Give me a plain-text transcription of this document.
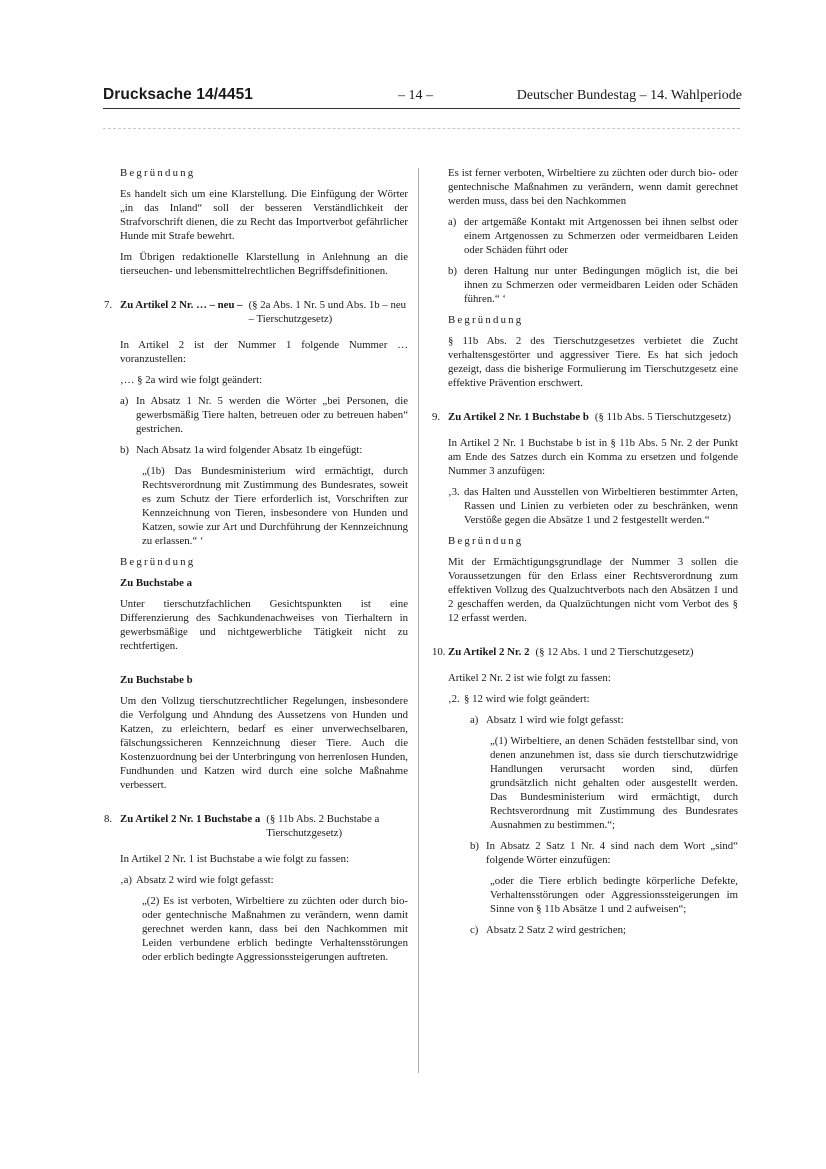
Drucksache 14/4451	– 14 –	Deutscher Bundestag – 14. Wahlperiode

Begründung

Es handelt sich um eine Klarstellung. Die Einfügung der Wörter „in das Inland“ soll der besseren Verständlichkeit der Strafvorschrift dienen, die zu Recht das Importverbot gefährlicher Hunde mit Strafe bewehrt.

Im Übrigen redaktionelle Klarstellung in Anlehnung an die tierseuchen- und lebensmittelrechtlichen Begriffsdefinitionen.

7. Zu Artikel 2 Nr. … – neu – (§ 2a Abs. 1 Nr. 5 und Abs. 1b – neu – Tierschutzgesetz)

In Artikel 2 ist der Nummer 1 folgende Nummer … voranzustellen:

‚… § 2a wird wie folgt geändert:

a) In Absatz 1 Nr. 5 werden die Wörter „bei Personen, die gewerbsmäßig Tiere halten, betreuen oder zu betreuen haben“ gestrichen.
b) Nach Absatz 1a wird folgender Absatz 1b eingefügt:

„(1b) Das Bundesministerium wird ermächtigt, durch Rechtsverordnung mit Zustimmung des Bundesrates, soweit es zum Schutz der Tiere erforderlich ist, Vorschriften zur Kennzeichnung von Tieren, insbesondere von Hunden und Katzen, sowie zur Art und Durchführung der Kennzeichnung zu erlassen.“ ‘

Begründung

Zu Buchstabe a

Unter tierschutzfachlichen Gesichtspunkten ist eine Differenzierung des Sachkundenachweises von Tierhaltern in gewerbsmäßige und nichtgewerbliche Tätigkeit nicht zu rechtfertigen.

Zu Buchstabe b

Um den Vollzug tierschutzrechtlicher Regelungen, insbesondere die Verfolgung und Ahndung des Aussetzens von Hunden und Katzen, zu erleichtern, bedarf es einer unverwechselbaren, fälschungssicheren Kennzeichnung dieser Tiere. Auch die Kostenzuordnung bei der Unterbringung von herrenlosen Hunden, Fundhunden und Katzen wird durch eine solche Maßnahme verbessert.

8. Zu Artikel 2 Nr. 1 Buchstabe a (§ 11b Abs. 2 Buchstabe a Tierschutzgesetz)

In Artikel 2 Nr. 1 ist Buchstabe a wie folgt zu fassen:

‚a) Absatz 2 wird wie folgt gefasst:

„(2) Es ist verboten, Wirbeltiere zu züchten oder durch bio- oder gentechnische Maßnahmen zu verändern, wenn damit gerechnet werden kann, dass bei den Nachkommen mit Leiden verbundene erblich bedingte Verhaltensstörungen oder erblich bedingte Aggressionssteigerungen auftreten.

Es ist ferner verboten, Wirbeltiere zu züchten oder durch bio- oder gentechnische Maßnahmen zu verändern, wenn damit gerechnet werden muss, dass bei den Nachkommen

a) der artgemäße Kontakt mit Artgenossen bei ihnen selbst oder einem Artgenossen zu Schmerzen oder vermeidbaren Leiden oder Schäden führt oder
b) deren Haltung nur unter Bedingungen möglich ist, die bei ihnen zu Schmerzen oder vermeidbaren Leiden oder Schäden führen.“ ‘

Begründung

§ 11b Abs. 2 des Tierschutzgesetzes verbietet die Zucht verhaltensgestörter und aggressiver Tiere. Es hat sich jedoch gezeigt, dass die bisherige Formulierung im Tierschutzgesetz eine effektive Prävention erschwert.

9. Zu Artikel 2 Nr. 1 Buchstabe b (§ 11b Abs. 5 Tierschutzgesetz)

In Artikel 2 Nr. 1 Buchstabe b ist in § 11b Abs. 5 Nr. 2 der Punkt am Ende des Satzes durch ein Komma zu ersetzen und folgende Nummer 3 anzufügen:

‚3. das Halten und Ausstellen von Wirbeltieren bestimmter Arten, Rassen und Linien zu verbieten oder zu beschränken, wenn Verstöße gegen die Absätze 1 und 2 festgestellt werden.“

Begründung

Mit der Ermächtigungsgrundlage der Nummer 3 sollen die Voraussetzungen für den Erlass einer Rechtsverordnung zum effektiven Vollzug des Qualzuchtverbots nach den Absätzen 1 und 2 geschaffen werden, da Qualzüchtungen nicht vom Verbot des § 12 erfasst werden.

10. Zu Artikel 2 Nr. 2 (§ 12 Abs. 1 und 2 Tierschutzgesetz)

Artikel 2 Nr. 2 ist wie folgt zu fassen:

‚2. § 12 wird wie folgt geändert:
a) Absatz 1 wird wie folgt gefasst:

„(1) Wirbeltiere, an denen Schäden feststellbar sind, von denen anzunehmen ist, dass sie durch tierschutzwidrige Handlungen verursacht worden sind, dürfen grundsätzlich nicht gehalten oder ausgestellt werden. Das Bundesministerium wird ermächtigt, durch Rechtsverordnung mit Zustimmung des Bundesrates Ausnahmen zu bestimmen.“;

b) In Absatz 2 Satz 1 Nr. 4 sind nach dem Wort „sind“ folgende Wörter einzufügen:

„oder die Tiere erblich bedingte körperliche Defekte, Verhaltensstörungen oder Aggressionssteigerungen im Sinne von § 11b Absätze 1 und 2 aufweisen“;

c) Absatz 2 Satz 2 wird gestrichen;
